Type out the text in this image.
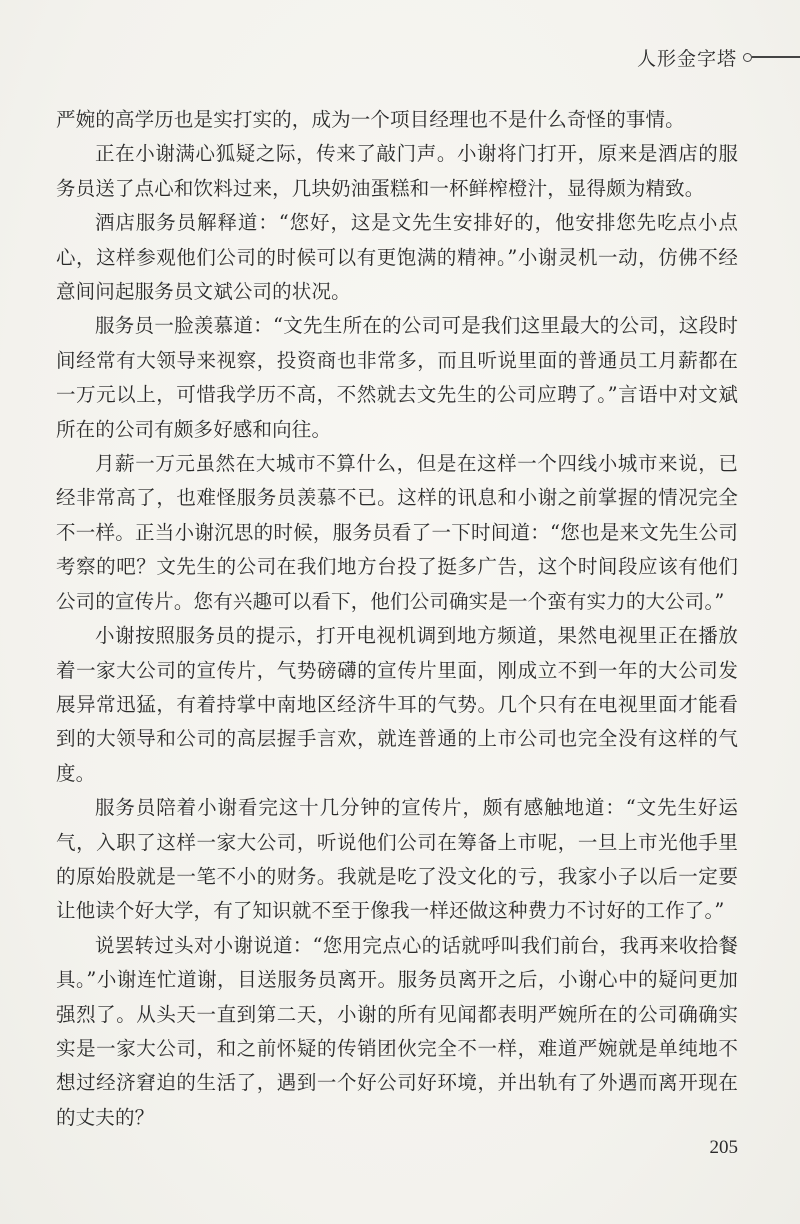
人形金字塔

严婉的高学历也是实打实的，成为一个项目经理也不是什么奇怪的事情。

正在小谢满心狐疑之际，传来了敲门声。小谢将门打开，原来是酒店的服务员送了点心和饮料过来，几块奶油蛋糕和一杯鲜榨橙汁，显得颇为精致。

酒店服务员解释道：“您好，这是文先生安排好的，他安排您先吃点小点心，这样参观他们公司的时候可以有更饱满的精神。”小谢灵机一动，仿佛不经意间问起服务员文斌公司的状况。

服务员一脸羡慕道：“文先生所在的公司可是我们这里最大的公司，这段时间经常有大领导来视察，投资商也非常多，而且听说里面的普通员工月薪都在一万元以上，可惜我学历不高，不然就去文先生的公司应聘了。”言语中对文斌所在的公司有颇多好感和向往。

月薪一万元虽然在大城市不算什么，但是在这样一个四线小城市来说，已经非常高了，也难怪服务员羡慕不已。这样的讯息和小谢之前掌握的情况完全不一样。正当小谢沉思的时候，服务员看了一下时间道：“您也是来文先生公司考察的吧？文先生的公司在我们地方台投了挺多广告，这个时间段应该有他们公司的宣传片。您有兴趣可以看下，他们公司确实是一个蛮有实力的大公司。”

小谢按照服务员的提示，打开电视机调到地方频道，果然电视里正在播放着一家大公司的宣传片，气势磅礴的宣传片里面，刚成立不到一年的大公司发展异常迅猛，有着持掌中南地区经济牛耳的气势。几个只有在电视里面才能看到的大领导和公司的高层握手言欢，就连普通的上市公司也完全没有这样的气度。

服务员陪着小谢看完这十几分钟的宣传片，颇有感触地道：“文先生好运气，入职了这样一家大公司，听说他们公司在筹备上市呢，一旦上市光他手里的原始股就是一笔不小的财务。我就是吃了没文化的亏，我家小子以后一定要让他读个好大学，有了知识就不至于像我一样还做这种费力不讨好的工作了。”

说罢转过头对小谢说道：“您用完点心的话就呼叫我们前台，我再来收拾餐具。”小谢连忙道谢，目送服务员离开。服务员离开之后，小谢心中的疑问更加强烈了。从头天一直到第二天，小谢的所有见闻都表明严婉所在的公司确确实实是一家大公司，和之前怀疑的传销团伙完全不一样，难道严婉就是单纯地不想过经济窘迫的生活了，遇到一个好公司好环境，并出轨有了外遇而离开现在的丈夫的？

205
